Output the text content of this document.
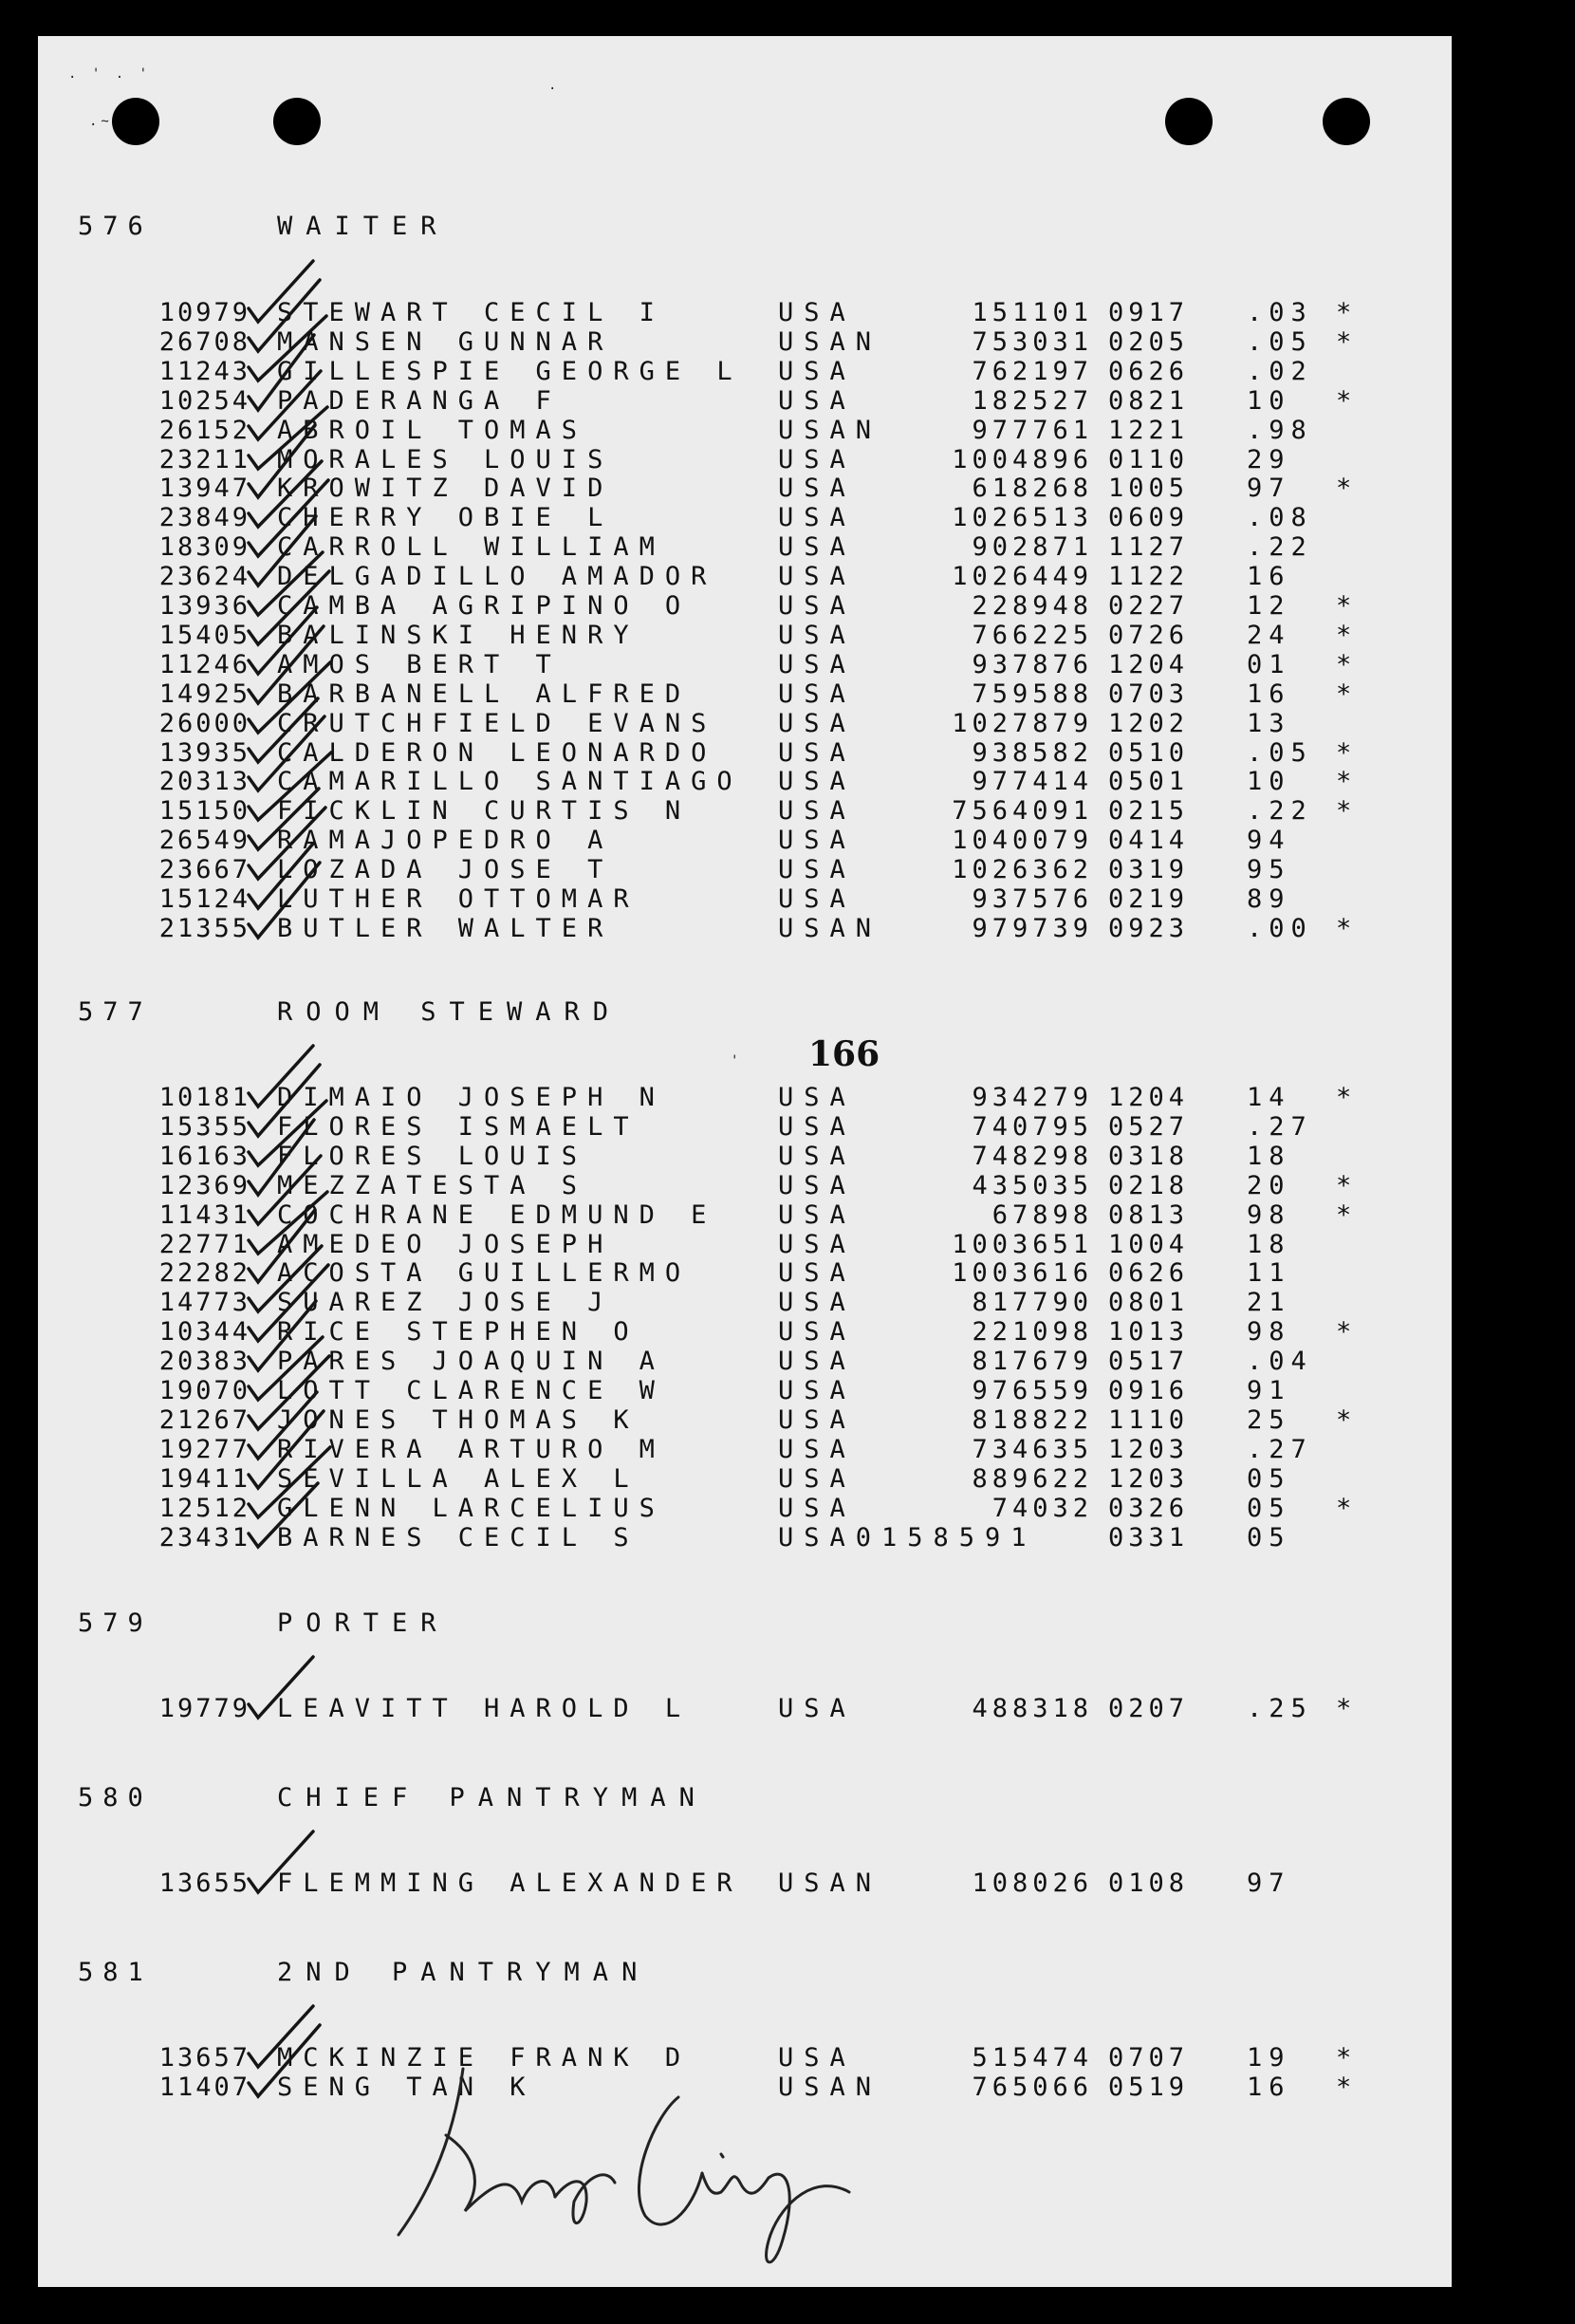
166
576	WAITER
10979 STEWART CECIL I	USA	151101 0917 .03 *
26708 MANSEN GUNNAR	USAN	753031 0205 .05 *
11243 GILLESPIE GEORGE L USA	762197 0626 .02
10254 PADERANGA F	USA	182527 0821 10 *
26152 ABROIL TOMAS	USAN	977761 1221 .98
23211 MORALES LOUIS	USA	1004896 0110 29
13947 KROWITZ DAVID	USA	618268 1005 97 *
23849 CHERRY OBIE L	USA	1026513 0609 .08
18309 CARROLL WILLIAM	USA	902871 1127 .22
23624 DELGADILLO AMADOR USA	1026449 1122 16
13936 CAMBA AGRIPINO O	USA	228948 0227 12 *
15405 BALINSKI HENRY	USA	766225 0726 24 *
11246 AMOS BERT T	USA	937876 1204 01 *
14925 BARBANELL ALFRED	USA	759588 0703 16 *
26000 CRUTCHFIELD EVANS USA	1027879 1202 13
13935 CALDERON LEONARDO USA	938582 0510 .05 *
20313 CAMARILLO SANTIAGO USA	977414 0501 10 *
15150 FICKLIN CURTIS N	USA	7564091 0215 .22 *
26549 RAMAJOPEDRO A	USA	1040079 0414 94
23667 LOZADA JOSE T	USA	1026362 0319 95
15124 LUTHER OTTOMAR	USA	937576 0219 89
21355 BUTLER WALTER	USAN	979739 0923 .00 *
577	ROOM STEWARD
10181 DIMAIO JOSEPH N	USA	934279 1204 14 *
15355 FLORES ISMAELT	USA	740795 0527 .27
16163 FLORES LOUIS	USA	748298 0318 18
12369 MEZZATESTA S	USA	435035 0218 20 *
11431 COCHRANE EDMUND E USA	67898 0813 98 *
22771 AMEDEO JOSEPH	USA	1003651 1004 18
22282 ACOSTA GUILLERMO	USA	1003616 0626 11
14773 SUAREZ JOSE J	USA	817790 0801 21
10344 RICE STEPHEN O	USA	221098 1013 98 *
20383 PARES JOAQUIN A	USA	817679 0517 .04
19070 LOTT CLARENCE W	USA	976559 0916 91
21267 JONES THOMAS K	USA	818822 1110 25 *
19277 RIVERA ARTURO M	USA	734635 1203 .27
19411 SEVILLA ALEX L	USA	889622 1203 05
12512 GLENN LARCELIUS	USA	74032 0326 05 *
23431 BARNES CECIL S	USA0158591	0331 05
579	PORTER
19779 LEAVITT HAROLD L	USA	488318 0207 .25 *
580	CHIEF PANTRYMAN
13655 FLEMMING ALEXANDER USAN	108026 0108 97
581	2ND PANTRYMAN
13657 MCKINZIE FRANK D	USA	515474 0707 19 *
11407 SENG TAN K	USAN	765066 0519 16 *
. ' . '
.~
.
'
